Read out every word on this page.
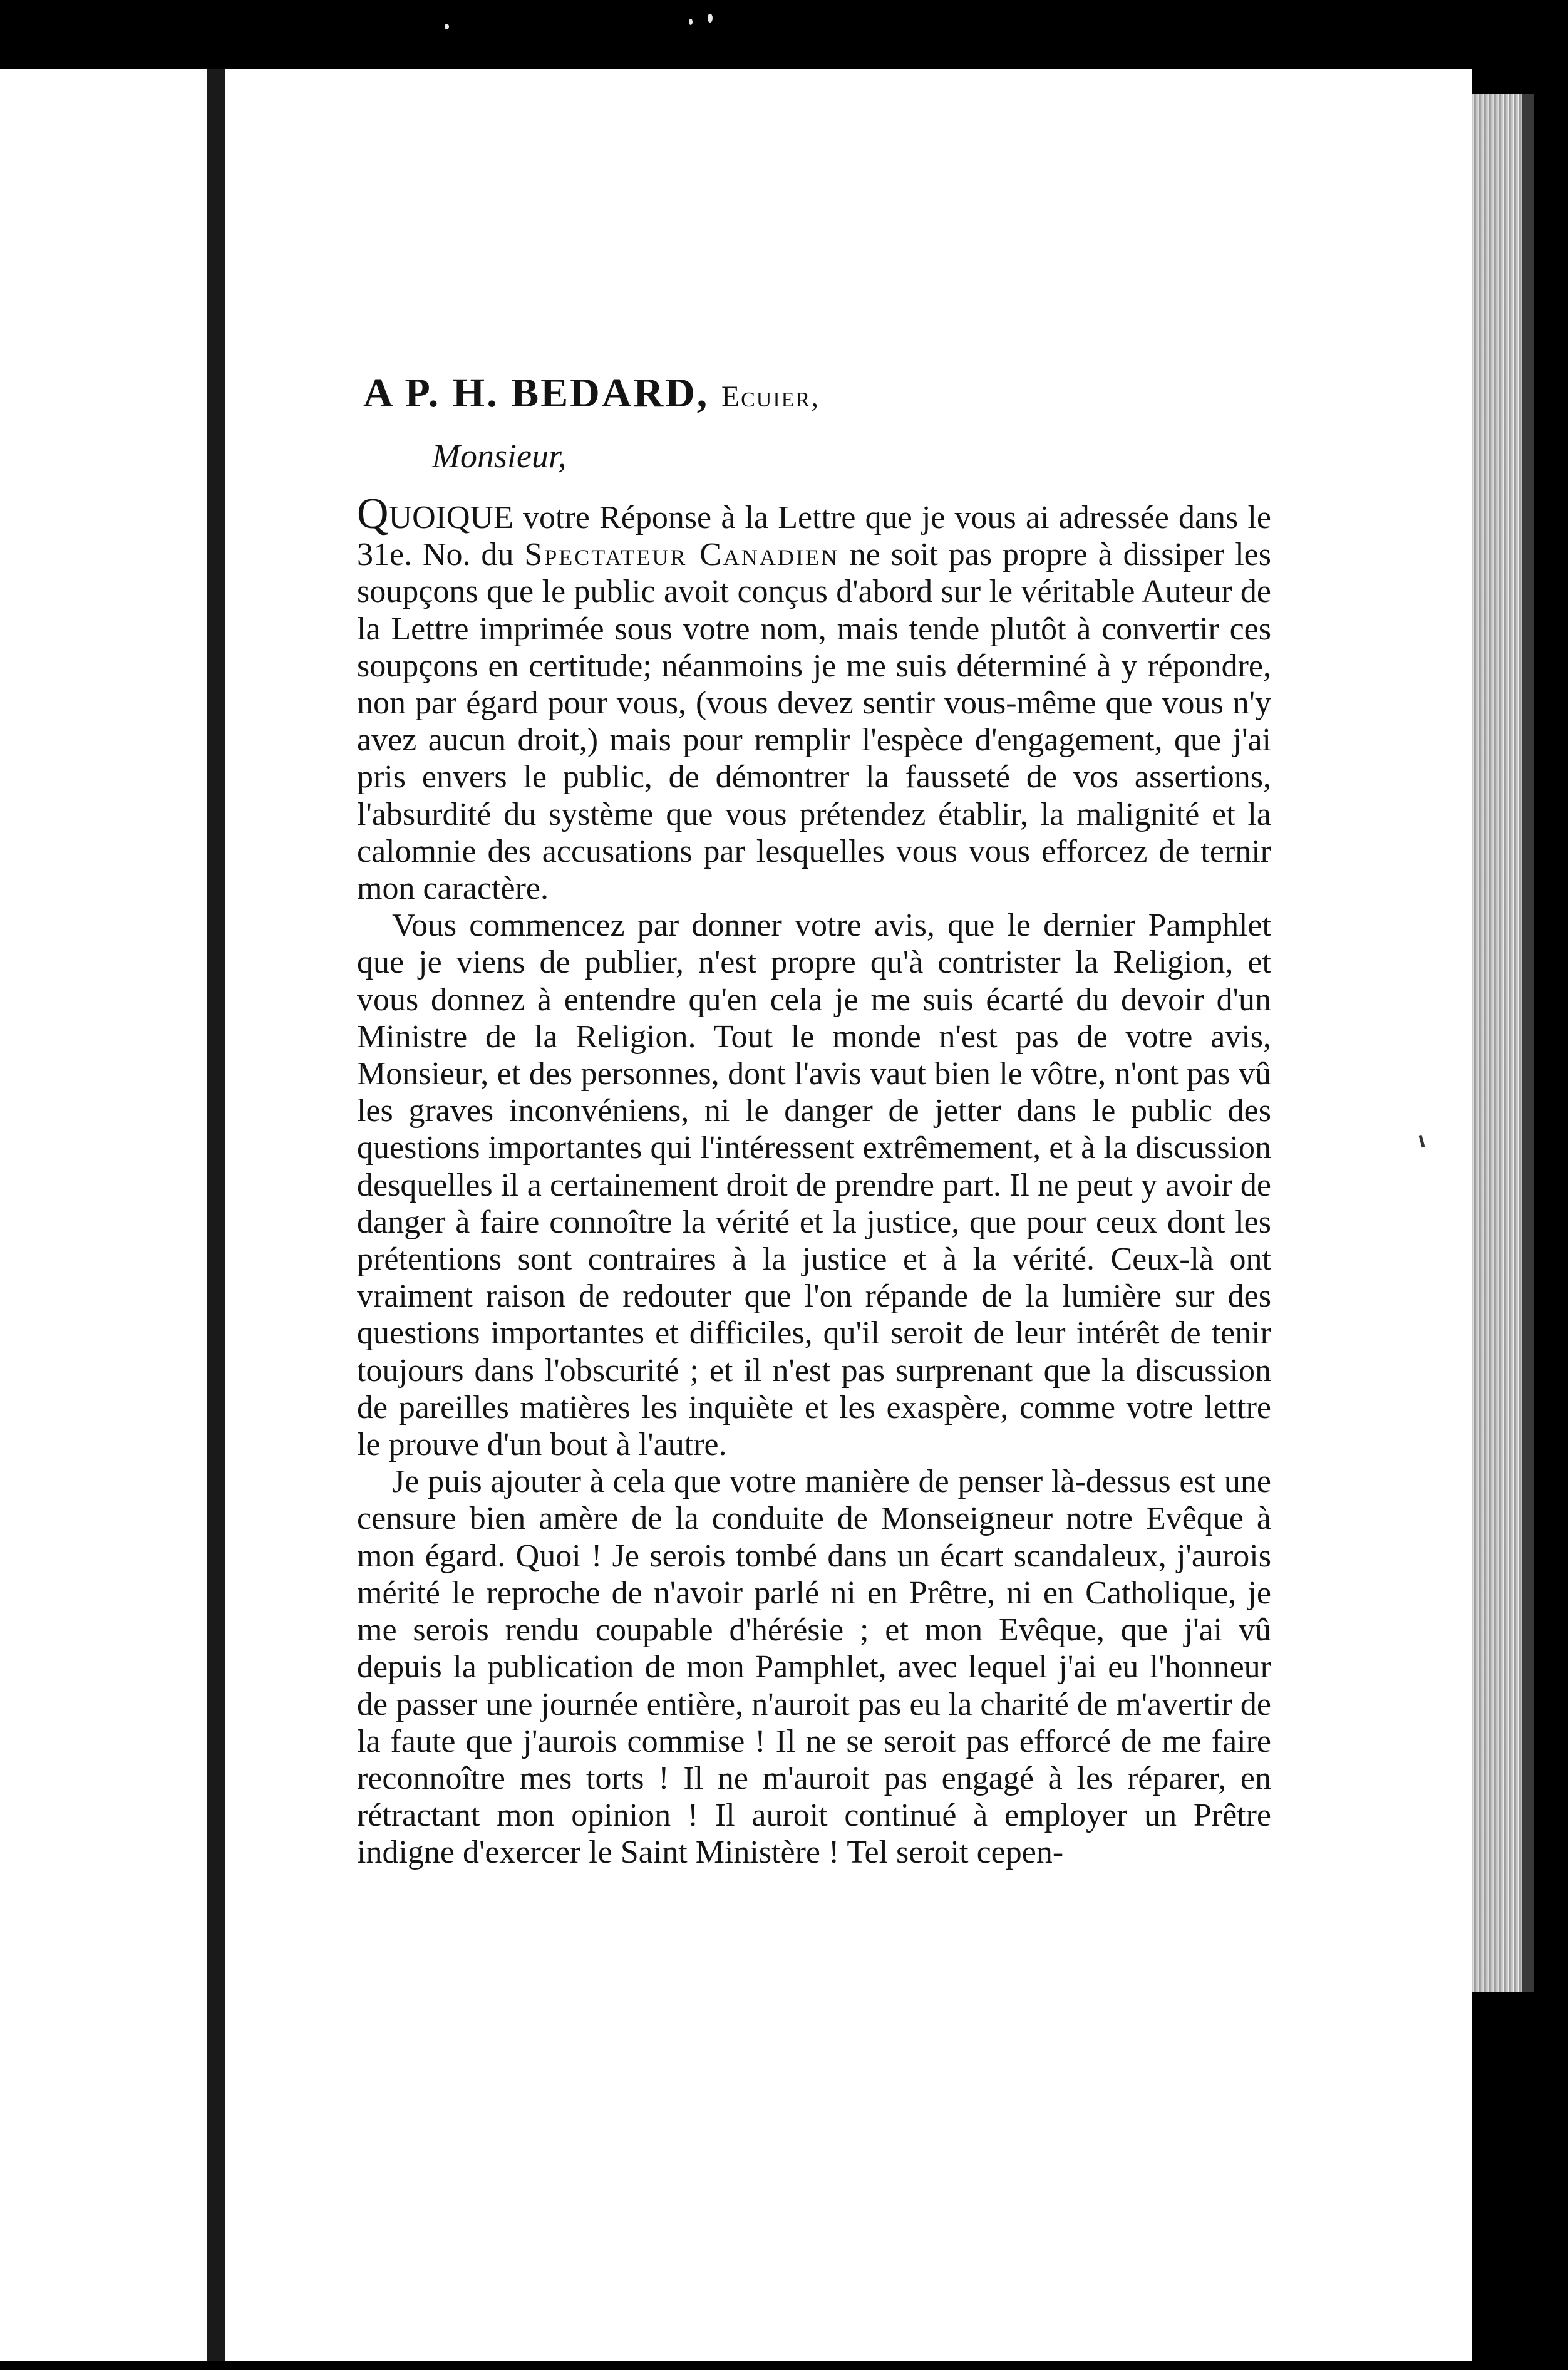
A P. H. BEDARD, Ecuier,
Monsieur,

QUOIQUE votre Réponse à la Lettre que je vous ai adressée dans le 31e. No. du Spectateur Canadien ne soit pas propre à dissiper les soupçons que le public avoit conçus d'abord sur le véritable Auteur de la Lettre imprimée sous votre nom, mais tende plutôt à convertir ces soupçons en certitude; néanmoins je me suis déterminé à y répondre, non par égard pour vous, (vous devez sentir vous-même que vous n'y avez aucun droit,) mais pour remplir l'espèce d'engagement, que j'ai pris envers le public, de démontrer la fausseté de vos assertions, l'absurdité du système que vous prétendez établir, la malignité et la calomnie des accusations par lesquelles vous vous efforcez de ternir mon caractère.

Vous commencez par donner votre avis, que le dernier Pamphlet que je viens de publier, n'est propre qu'à contrister la Religion, et vous donnez à entendre qu'en cela je me suis écarté du devoir d'un Ministre de la Religion. Tout le monde n'est pas de votre avis, Monsieur, et des personnes, dont l'avis vaut bien le vôtre, n'ont pas vû les graves inconvéniens, ni le danger de jetter dans le public des questions importantes qui l'intéressent extrêmement, et à la discussion desquelles il a certainement droit de prendre part. Il ne peut y avoir de danger à faire connoître la vérité et la justice, que pour ceux dont les prétentions sont contraires à la justice et à la vérité. Ceux-là ont vraiment raison de redouter que l'on répande de la lumière sur des questions importantes et difficiles, qu'il seroit de leur intérêt de tenir toujours dans l'obscurité ; et il n'est pas surprenant que la discussion de pareilles matières les inquiète et les exaspère, comme votre lettre le prouve d'un bout à l'autre.

Je puis ajouter à cela que votre manière de penser là-dessus est une censure bien amère de la conduite de Monseigneur notre Evêque à mon égard. Quoi ! Je serois tombé dans un écart scandaleux, j'aurois mérité le reproche de n'avoir parlé ni en Prêtre, ni en Catholique, je me serois rendu coupable d'hérésie ; et mon Evêque, que j'ai vû depuis la publication de mon Pamphlet, avec lequel j'ai eu l'honneur de passer une journée entière, n'auroit pas eu la charité de m'avertir de la faute que j'aurois commise ! Il ne se seroit pas efforcé de me faire reconnoître mes torts ! Il ne m'auroit pas engagé à les réparer, en rétractant mon opinion ! Il auroit continué à employer un Prêtre indigne d'exercer le Saint Ministère ! Tel seroit cepen-
